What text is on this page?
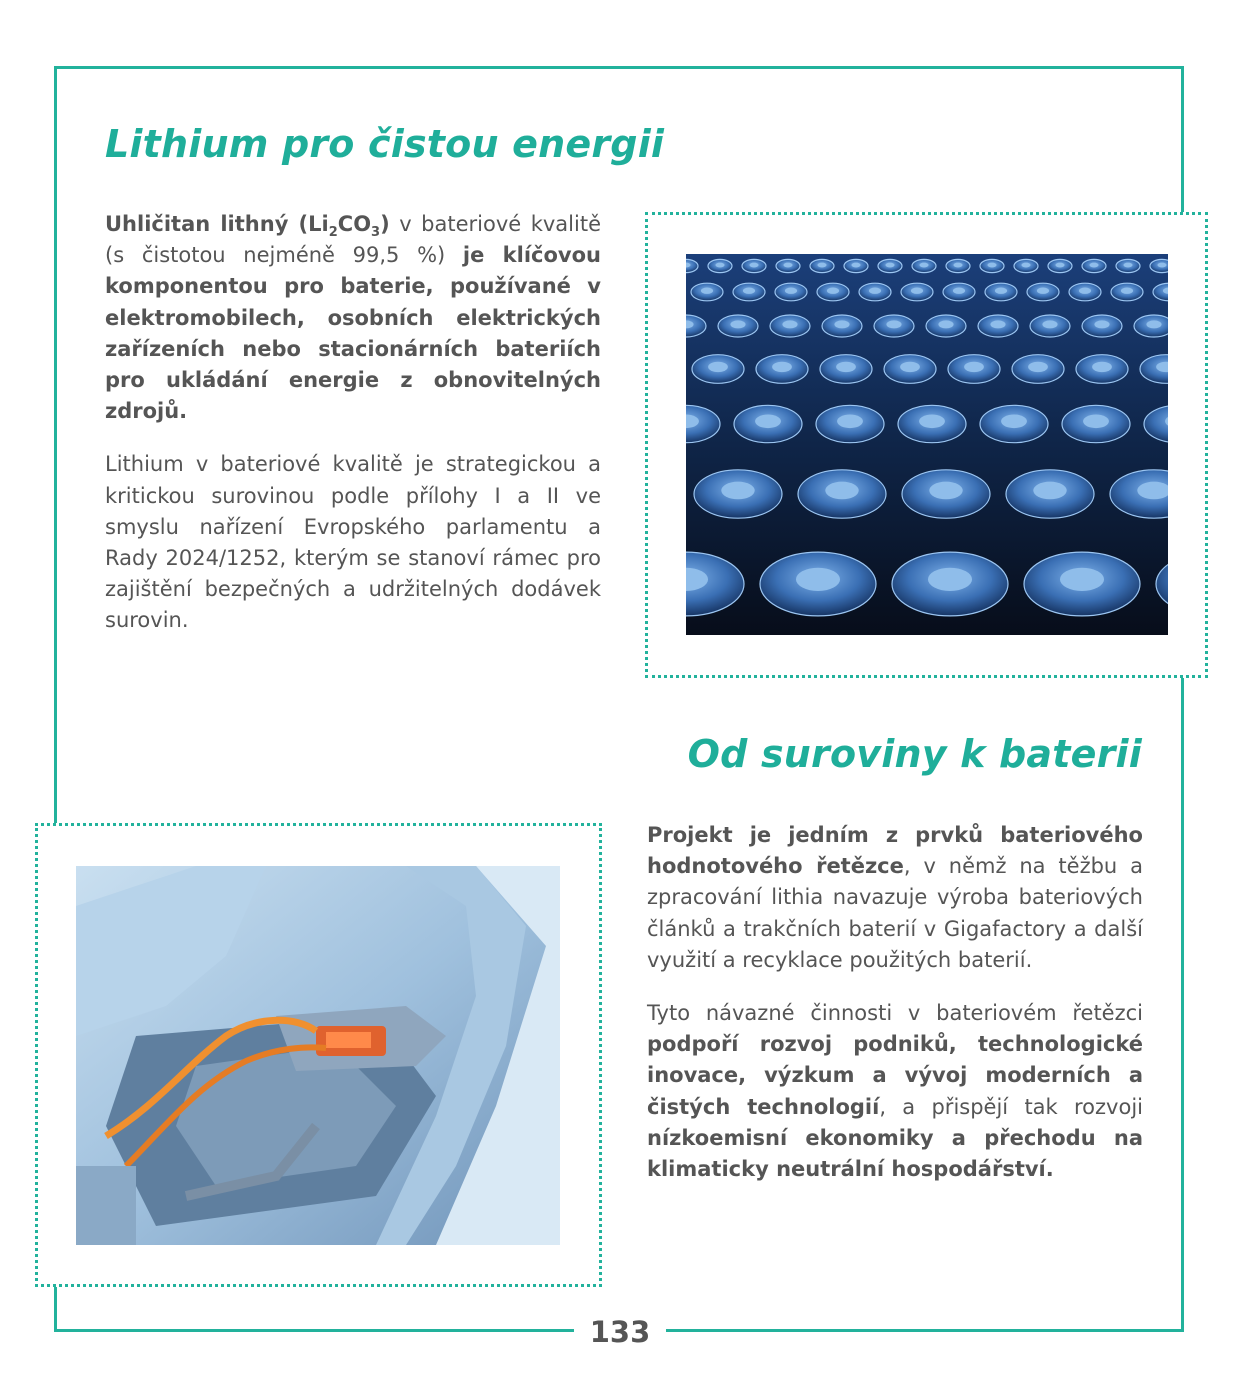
Lithium pro čistou energii

Uhličitan lithný $(Li_2CO_3)$ v bateriové kvalitě (s čistotou nejméně 99,5 %) je klíčovou komponentou pro baterie, používané v elektromobilech, osobních elektrických zařízeních nebo stacionárních bateriích pro ukládání energie z obnovitelných zdrojů.

Lithium v bateriové kvalitě je strategickou a kritickou surovinou podle přílohy I a II ve smyslu nařízení Evropského parlamentu a Rady 2024/1252, kterým se stanoví rámec pro zajištění bezpečných a udržitelných dodávek surovin.

Od suroviny k baterii

Projekt je jedním z prvků bateriového hodnotového řetězce, v němž na těžbu a zpracování lithia navazuje výroba bateriových článků a trakčních baterií v Gigafactory a další využití a recyklace použitých baterií.

Tyto návazné činnosti v bateriovém řetězci podpoří rozvoj podniků, technologické inovace, výzkum a vývoj moderních a čistých technologií, a přispějí tak rozvoji nízkoemisní ekonomiky a přechodu na klimaticky neutrální hospodářství.

133
